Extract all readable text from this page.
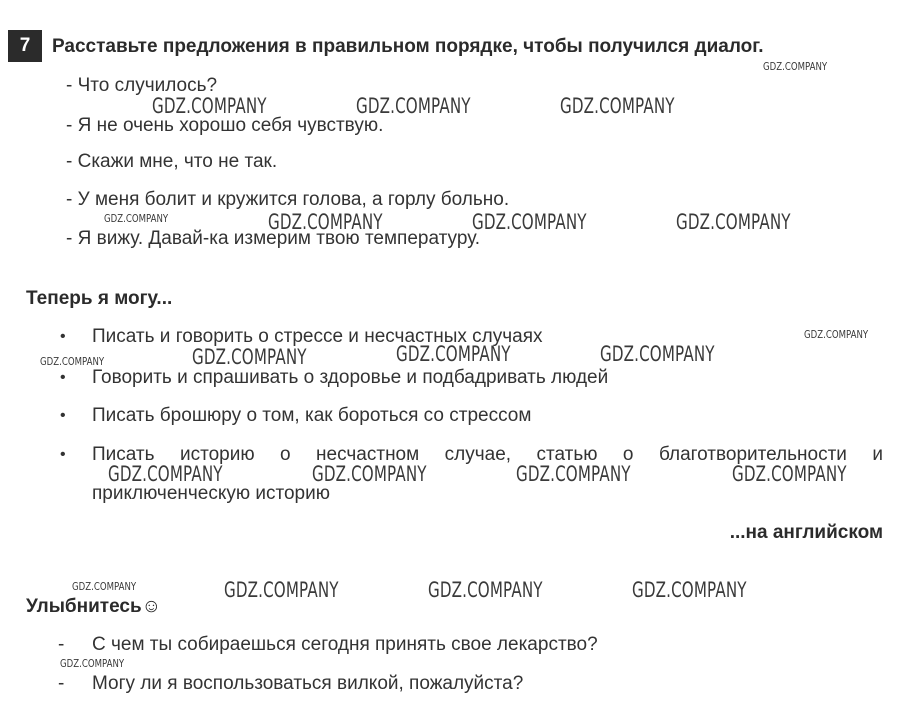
7 Расставьте предложения в правильном порядке, чтобы получился диалог.
- Что случилось?
- Я не очень хорошо себя чувствую.
- Скажи мне, что не так.
- У меня болит и кружится голова, а горлу больно.
- Я вижу. Давай-ка измерим твою температуру.
Теперь я могу...
• Писать и говорить о стрессе и несчастных случаях
• Говорить и спрашивать о здоровье и подбадривать людей
• Писать брошюру о том, как бороться со стрессом
• Писать историю о несчастном случае, статью о благотворительности и
приключенческую историю
...на английском
Улыбнитесь☺
- С чем ты собираешься сегодня принять свое лекарство?
- Могу ли я воспользоваться вилкой, пожалуйста?
GDZ.COMPANY
GDZ.COMPANY	GDZ.COMPANY	GDZ.COMPANY
GDZ.COMPANY	GDZ.COMPANY	GDZ.COMPANY	GDZ.COMPANY
GDZ.COMPANY
GDZ.COMPANY	GDZ.COMPANY	GDZ.COMPANY	GDZ.COMPANY
GDZ.COMPANY	GDZ.COMPANY	GDZ.COMPANY	GDZ.COMPANY
GDZ.COMPANY	GDZ.COMPANY	GDZ.COMPANY	GDZ.COMPANY
GDZ.COMPANY
